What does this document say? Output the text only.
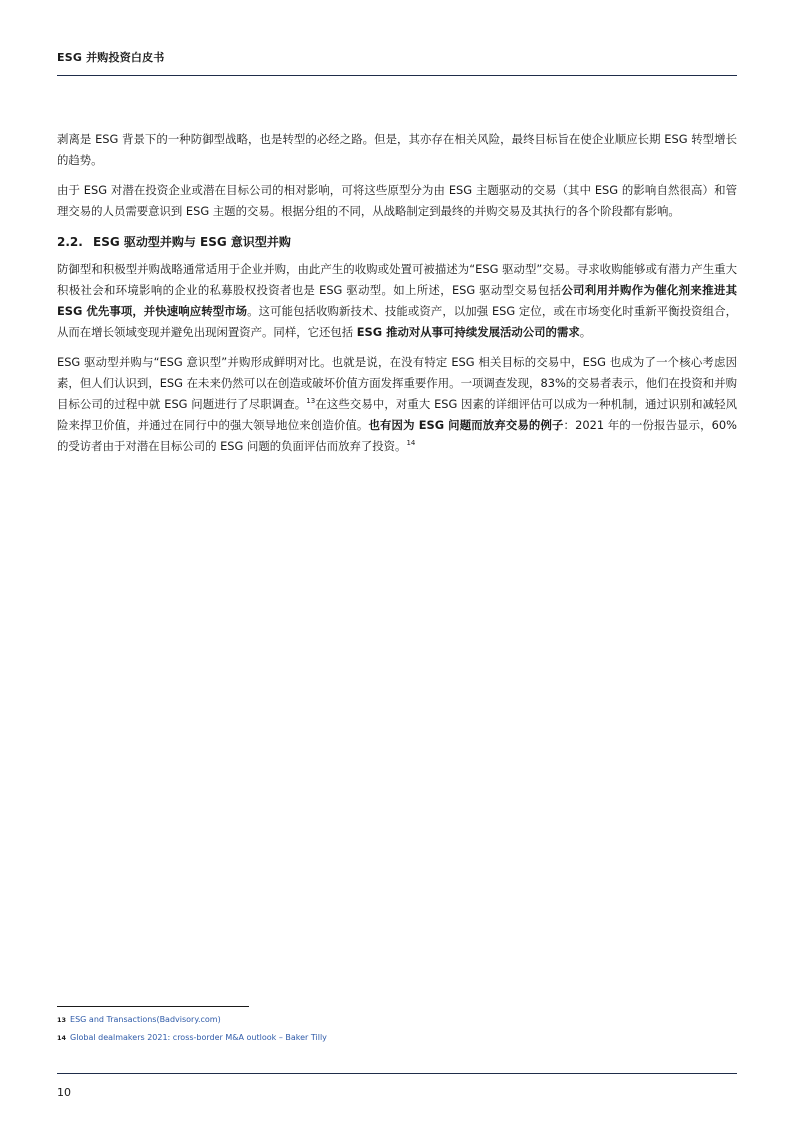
ESG 并购投资白皮书

剥离是 ESG 背景下的一种防御型战略，也是转型的必经之路。但是，其亦存在相关风险，最终目标旨在使企业顺应长期 ESG 转型增长的趋势。

由于 ESG 对潜在投资企业或潜在目标公司的相对影响，可将这些原型分为由 ESG 主题驱动的交易（其中 ESG 的影响自然很高）和管理交易的人员需要意识到 ESG 主题的交易。根据分组的不同，从战略制定到最终的并购交易及其执行的各个阶段都有影响。

2.2. ESG 驱动型并购与 ESG 意识型并购

防御型和积极型并购战略通常适用于企业并购，由此产生的收购或处置可被描述为“ESG 驱动型”交易。寻求收购能够或有潜力产生重大积极社会和环境影响的企业的私募股权投资者也是 ESG 驱动型。如上所述，ESG 驱动型交易包括公司利用并购作为催化剂来推进其 ESG 优先事项，并快速响应转型市场。这可能包括收购新技术、技能或资产，以加强 ESG 定位，或在市场变化时重新平衡投资组合，从而在增长领域变现并避免出现闲置资产。同样，它还包括 ESG 推动对从事可持续发展活动公司的需求。

ESG 驱动型并购与“ESG 意识型”并购形成鲜明对比。也就是说，在没有特定 ESG 相关目标的交易中，ESG 也成为了一个核心考虑因素，但人们认识到，ESG 在未来仍然可以在创造或破坏价值方面发挥重要作用。一项调查发现，83%的交易者表示，他们在投资和并购目标公司的过程中就 ESG 问题进行了尽职调查。$^{13}$在这些交易中，对重大 ESG 因素的详细评估可以成为一种机制，通过识别和减轻风险来捍卫价值，并通过在同行中的强大领导地位来创造价值。也有因为 ESG 问题而放弃交易的例子：2021 年的一份报告显示，60%的受访者由于对潜在目标公司的 ESG 问题的负面评估而放弃了投资。$^{14}$

13 ESG and Transactions(Badvisory.com)
14 Global dealmakers 2021: cross-border M&A outlook – Baker Tilly
10
